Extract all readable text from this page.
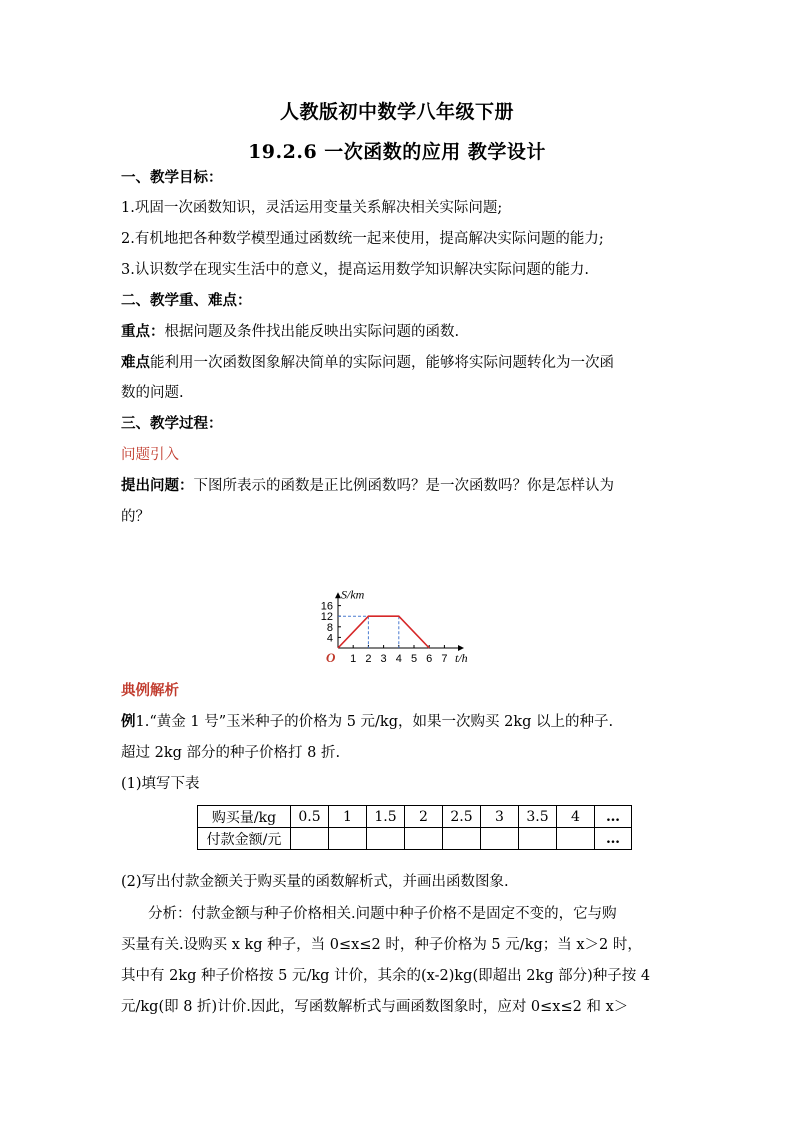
人教版初中数学八年级下册
19.2.6 一次函数的应用 教学设计
一、教学目标：
1.巩固一次函数知识，灵活运用变量关系解决相关实际问题;
2.有机地把各种数学模型通过函数统一起来使用，提高解决实际问题的能力;
3.认识数学在现实生活中的意义，提高运用数学知识解决实际问题的能力.
二、教学重、难点：
重点：根据问题及条件找出能反映出实际问题的函数.
难点能利用一次函数图象解决简单的实际问题，能够将实际问题转化为一次函
数的问题.
三、教学过程：
问题引入
提出问题：下图所表示的函数是正比例函数吗？是一次函数吗？你是怎样认为
的？
1 2 3 4 5 6 7
4
8
12
16
O
S/km
t/h
典例解析
例1.“黄金 1 号”玉米种子的价格为 5 元/kg，如果一次购买 2kg 以上的种子.
超过 2kg 部分的种子价格打 8 折.
(1)填写下表
购买量/kg	0.5	1	1.5	2	2.5	3	3.5	4	…
付款金额/元									…
(2)写出付款金额关于购买量的函数解析式，并画出函数图象.
分析：付款金额与种子价格相关.问题中种子价格不是固定不变的，它与购
买量有关.设购买 x kg 种子，当 0≤x≤2 时，种子价格为 5 元/kg；当 x＞2 时，
其中有 2kg 种子价格按 5 元/kg 计价，其余的(x-2)kg(即超出 2kg 部分)种子按 4
元/kg(即 8 折)计价.因此，写函数解析式与画函数图象时，应对 0≤x≤2 和 x＞
